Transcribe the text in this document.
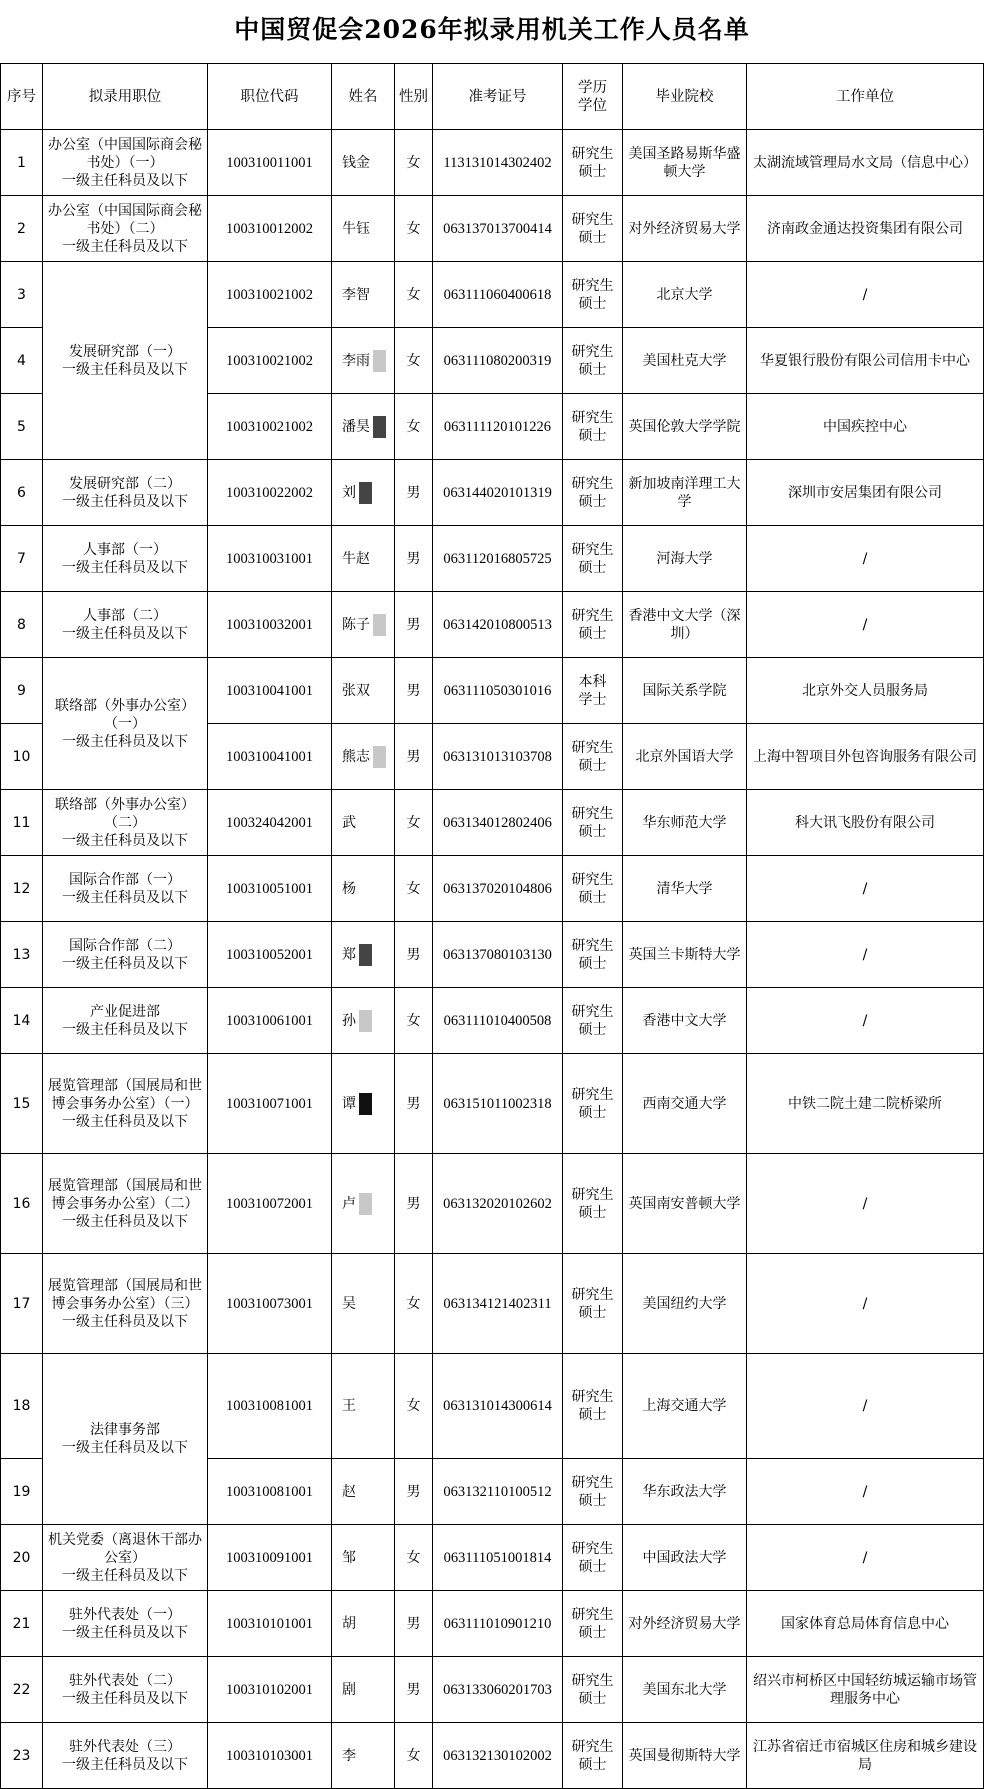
中国贸促会2026年拟录用机关工作人员名单
序号	拟录用职位	职位代码	姓名	性别	准考证号	学历
学位	毕业院校	工作单位
1	办公室（中国国际商会秘书处）（一）
一级主任科员及以下	100310011001	钱金	女	113131014302402	研究生
硕士	美国圣路易斯华盛顿大学	太湖流域管理局水文局（信息中心）
2	办公室（中国国际商会秘书处）（二）
一级主任科员及以下	100310012002	牛钰	女	063137013700414	研究生
硕士	对外经济贸易大学	济南政金通达投资集团有限公司
3	发展研究部（一）
一级主任科员及以下	100310021002	李智	女	063111060400618	研究生
硕士	北京大学	/
4		100310021002	李雨	女	063111080200319	研究生
硕士	美国杜克大学	华夏银行股份有限公司信用卡中心
5		100310021002	潘昊	女	063111120101226	研究生
硕士	英国伦敦大学学院	中国疾控中心
6	发展研究部（二）
一级主任科员及以下	100310022002	刘	男	063144020101319	研究生
硕士	新加坡南洋理工大学	深圳市安居集团有限公司
7	人事部（一）
一级主任科员及以下	100310031001	牛赵	男	063112016805725	研究生
硕士	河海大学	/
8	人事部（二）
一级主任科员及以下	100310032001	陈子	男	063142010800513	研究生
硕士	香港中文大学（深圳）	/
9	联络部（外事办公室）（一）
一级主任科员及以下	100310041001	张双	男	063111050301016	本科
学士	国际关系学院	北京外交人员服务局
10		100310041001	熊志	男	063131013103708	研究生
硕士	北京外国语大学	上海中智项目外包咨询服务有限公司
11	联络部（外事办公室）（二）
一级主任科员及以下	100324042001	武	女	063134012802406	研究生
硕士	华东师范大学	科大讯飞股份有限公司
12	国际合作部（一）
一级主任科员及以下	100310051001	杨	女	063137020104806	研究生
硕士	清华大学	/
13	国际合作部（二）
一级主任科员及以下	100310052001	郑	男	063137080103130	研究生
硕士	英国兰卡斯特大学	/
14	产业促进部
一级主任科员及以下	100310061001	孙	女	063111010400508	研究生
硕士	香港中文大学	/
15	展览管理部（国展局和世博会事务办公室）（一）
一级主任科员及以下	100310071001	谭	男	063151011002318	研究生
硕士	西南交通大学	中铁二院土建二院桥梁所
16	展览管理部（国展局和世博会事务办公室）（二）
一级主任科员及以下	100310072001	卢	男	063132020102602	研究生
硕士	英国南安普顿大学	/
17	展览管理部（国展局和世博会事务办公室）（三）
一级主任科员及以下	100310073001	吴	女	063134121402311	研究生
硕士	美国纽约大学	/
18	法律事务部
一级主任科员及以下	100310081001	王	女	063131014300614	研究生
硕士	上海交通大学	/
19		100310081001	赵	男	063132110100512	研究生
硕士	华东政法大学	/
20	机关党委（离退休干部办公室）
一级主任科员及以下	100310091001	邹	女	063111051001814	研究生
硕士	中国政法大学	/
21	驻外代表处（一）
一级主任科员及以下	100310101001	胡	男	063111010901210	研究生
硕士	对外经济贸易大学	国家体育总局体育信息中心
22	驻外代表处（二）
一级主任科员及以下	100310102001	剧	男	063133060201703	研究生
硕士	美国东北大学	绍兴市柯桥区中国轻纺城运输市场管理服务中心
23	驻外代表处（三）
一级主任科员及以下	100310103001	李	女	063132130102002	研究生
硕士	英国曼彻斯特大学	江苏省宿迁市宿城区住房和城乡建设局
